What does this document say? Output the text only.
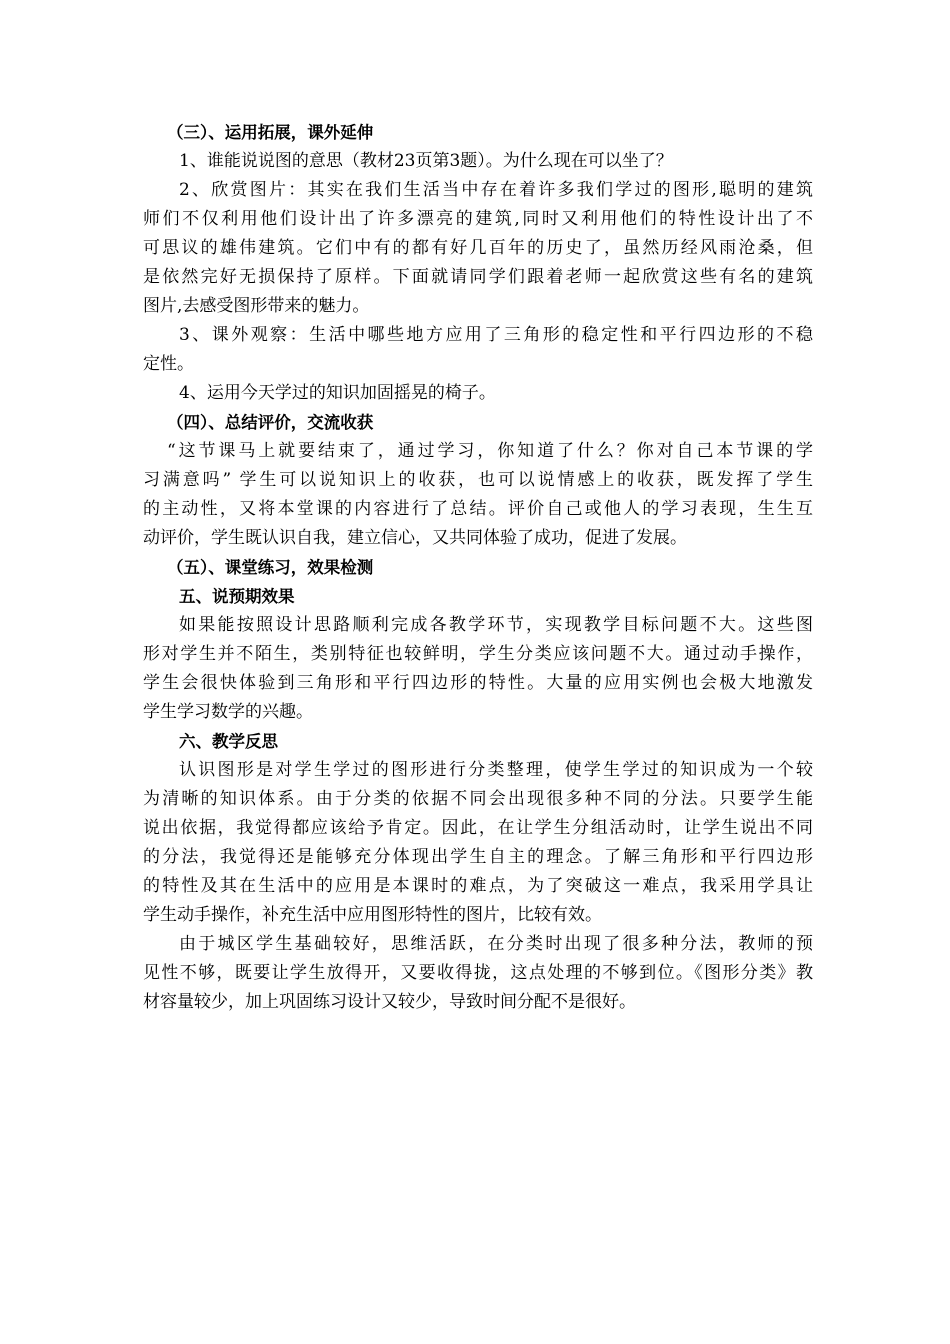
（三）、运用拓展，课外延伸

1、谁能说说图的意思（教材23页第3题）。为什么现在可以坐了？

2、欣赏图片：其实在我们生活当中存在着许多我们学过的图形,聪明的建筑

师们不仅利用他们设计出了许多漂亮的建筑,同时又利用他们的特性设计出了不

可思议的雄伟建筑。它们中有的都有好几百年的历史了，虽然历经风雨沧桑，但

是依然完好无损保持了原样。下面就请同学们跟着老师一起欣赏这些有名的建筑

图片,去感受图形带来的魅力。

3、课外观察：生活中哪些地方应用了三角形的稳定性和平行四边形的不稳

定性。

4、运用今天学过的知识加固摇晃的椅子。

（四）、总结评价，交流收获

“这节课马上就要结束了，通过学习，你知道了什么？你对自己本节课的学

习满意吗” 学生可以说知识上的收获，也可以说情感上的收获，既发挥了学生

的主动性，又将本堂课的内容进行了总结。评价自己或他人的学习表现，生生互

动评价，学生既认识自我，建立信心，又共同体验了成功，促进了发展。

（五）、课堂练习，效果检测

五、说预期效果

如果能按照设计思路顺利完成各教学环节，实现教学目标问题不大。这些图

形对学生并不陌生，类别特征也较鲜明，学生分类应该问题不大。通过动手操作，

学生会很快体验到三角形和平行四边形的特性。大量的应用实例也会极大地激发

学生学习数学的兴趣。

六、教学反思

认识图形是对学生学过的图形进行分类整理，使学生学过的知识成为一个较

为清晰的知识体系。由于分类的依据不同会出现很多种不同的分法。只要学生能

说出依据，我觉得都应该给予肯定。因此，在让学生分组活动时，让学生说出不同

的分法，我觉得还是能够充分体现出学生自主的理念。了解三角形和平行四边形

的特性及其在生活中的应用是本课时的难点，为了突破这一难点，我采用学具让

学生动手操作，补充生活中应用图形特性的图片，比较有效。

由于城区学生基础较好，思维活跃，在分类时出现了很多种分法，教师的预

见性不够，既要让学生放得开，又要收得拢，这点处理的不够到位。《图形分类》教

材容量较少，加上巩固练习设计又较少，导致时间分配不是很好。
